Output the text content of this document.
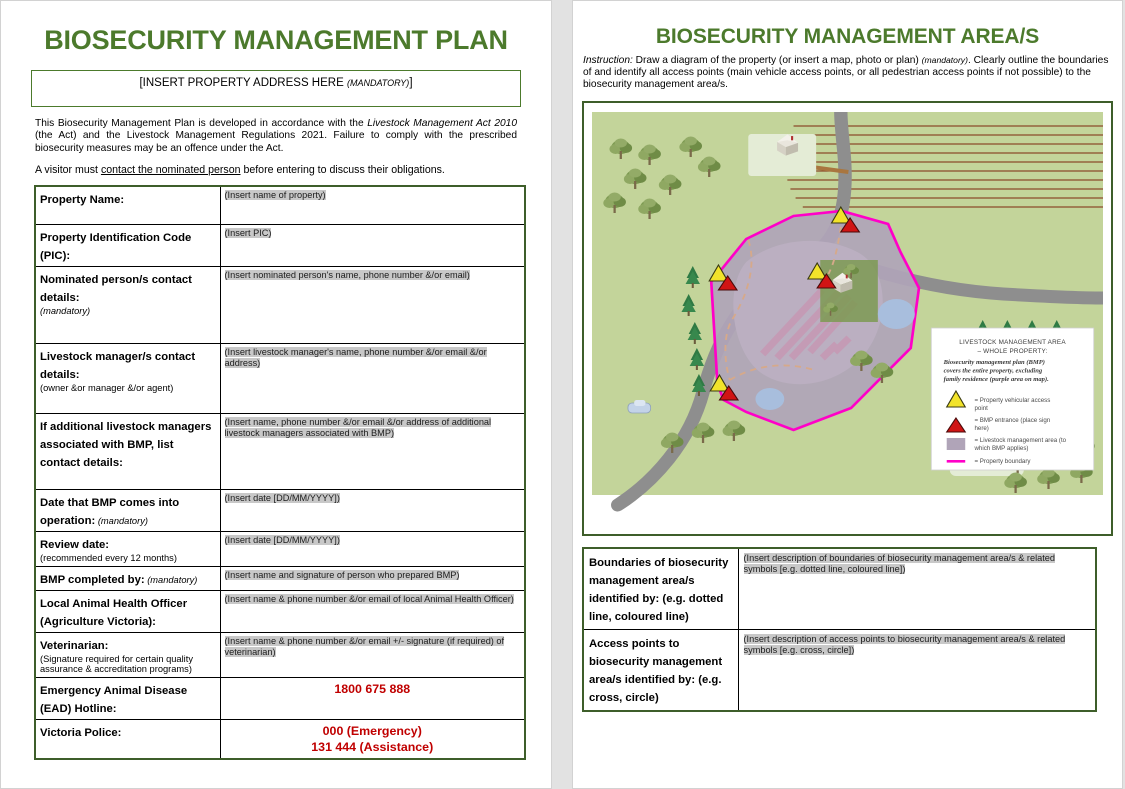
BIOSECURITY MANAGEMENT PLAN
[INSERT PROPERTY ADDRESS HERE (MANDATORY)]
This Biosecurity Management Plan is developed in accordance with the Livestock Management Act 2010 (the Act) and the Livestock Management Regulations 2021. Failure to comply with the prescribed biosecurity measures may be an offence under the Act.
A visitor must contact the nominated person before entering to discuss their obligations.
Property Name:	(Insert name of property)
Property Identification Code (PIC):	(Insert PIC)
Nominated person/s contact details:
(mandatory)	(Insert nominated person's name, phone number &/or email)
Livestock manager/s contact details:
(owner &or manager &/or agent)	(Insert livestock manager's name, phone number &/or email &/or address)
If additional livestock managers associated with BMP, list contact details:	(Insert name, phone number &/or email &/or address of additional livestock managers associated with BMP)
Date that BMP comes into operation: (mandatory)	(Insert date [DD/MM/YYYY])
Review date:
(recommended every 12 months)	(Insert date [DD/MM/YYYY])
BMP completed by: (mandatory)	(Insert name and signature of person who prepared BMP)
Local Animal Health Officer (Agriculture Victoria):	(Insert name & phone number &/or email of local Animal Health Officer)
Veterinarian:
(Signature required for certain quality assurance & accreditation programs)	(Insert name & phone number &/or email +/- signature (if required) of veterinarian)
Emergency Animal Disease (EAD) Hotline:	1800 675 888

Victoria Police:	000 (Emergency)
131 444 (Assistance)
BIOSECURITY MANAGEMENT AREA/S
Instruction: Draw a diagram of the property (or insert a map, photo or plan) (mandatory). Clearly outline the boundaries of and identify all access points (main vehicle access points, or all pedestrian access points if not possible) to the biosecurity management area/s.
LIVESTOCK MANAGEMENT AREA
– WHOLE PROPERTY:
Biosecurity management plan (BMP) covers the entire property, excluding family residence (purple area on map).
= Property vehicular access point
= BMP entrance (place sign here)
= Livestock management area (to which BMP applies)
= Property boundary
Boundaries of biosecurity management area/s identified by: (e.g. dotted line, coloured line)	(Insert description of boundaries of biosecurity management area/s & related symbols [e.g. dotted line, coloured line])
Access points to biosecurity management area/s identified by: (e.g. cross, circle)	(Insert description of access points to biosecurity management area/s & related symbols [e.g. cross, circle])
